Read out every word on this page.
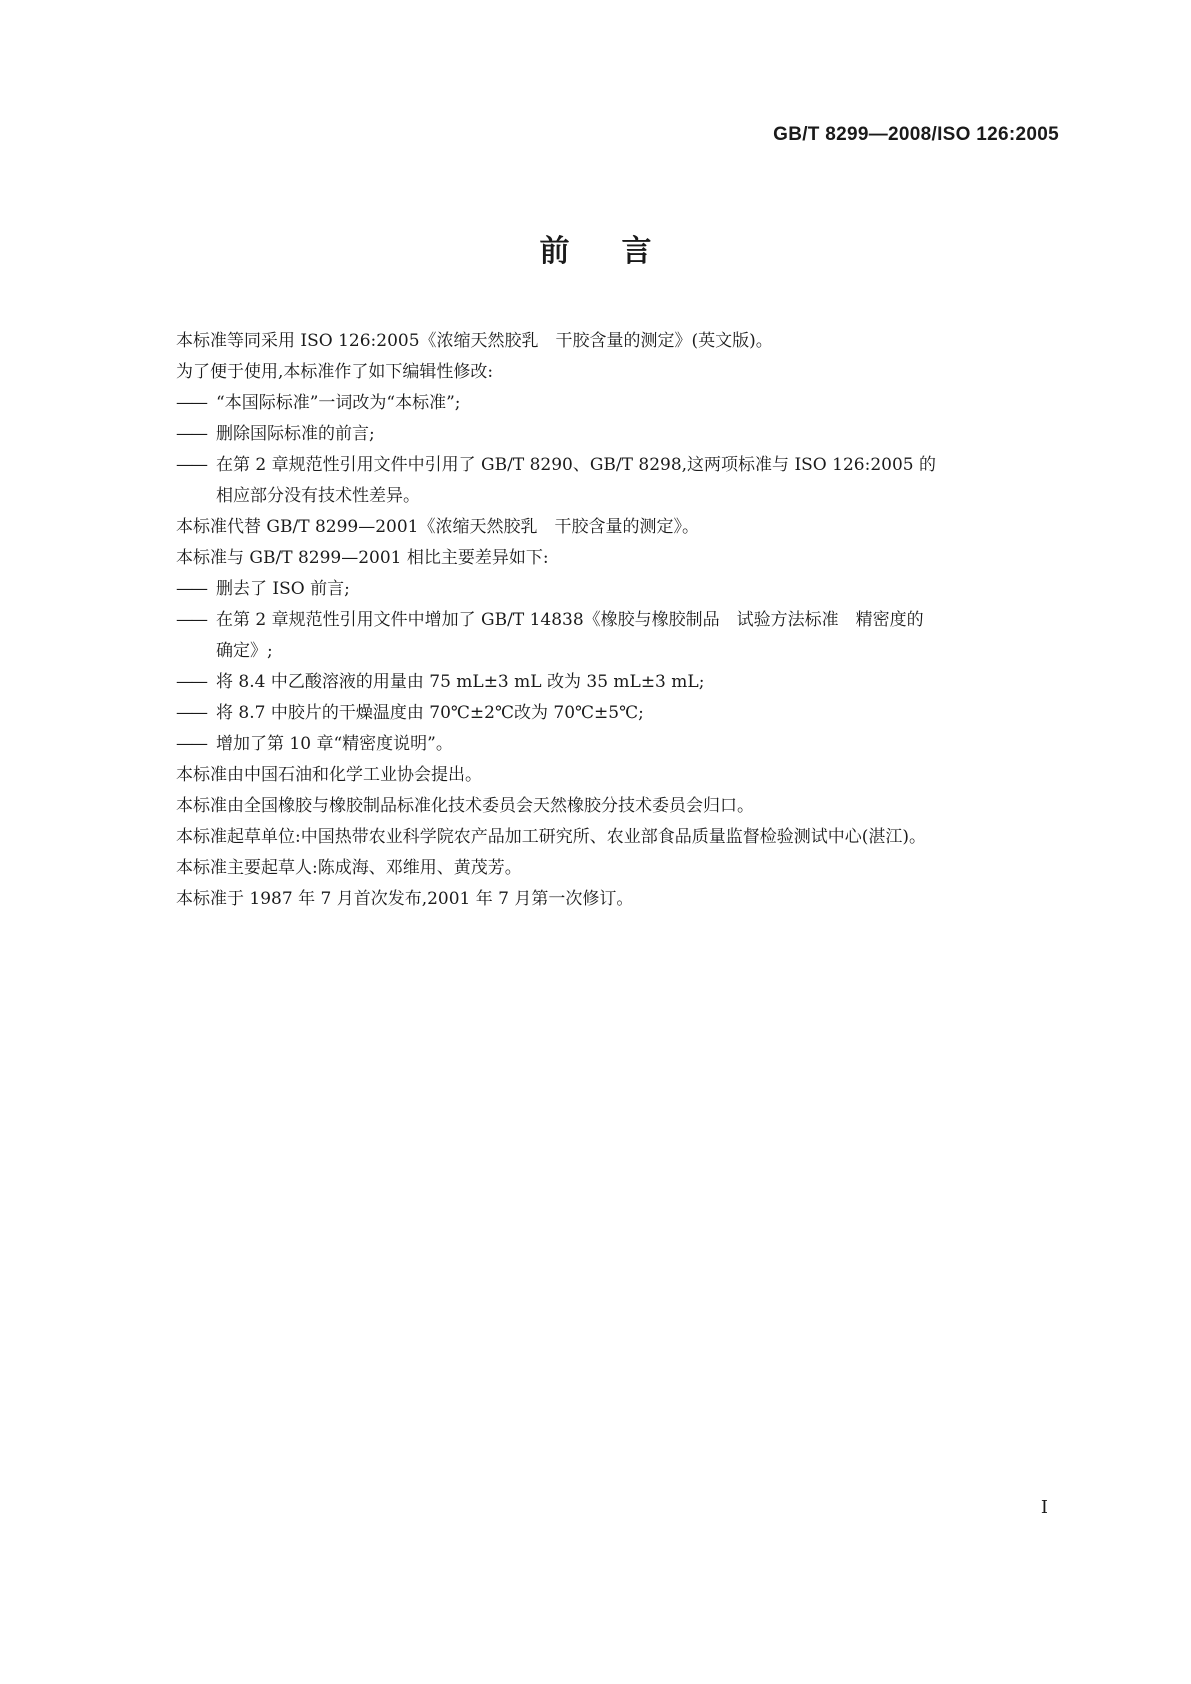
GB/T 8299—2008/ISO 126:2005
前言

本标准等同采用 ISO 126:2005《浓缩天然胶乳　干胶含量的测定》(英文版)。

为了便于使用,本标准作了如下编辑性修改:

—— “本国际标准”一词改为“本标准”;

—— 删除国际标准的前言;

—— 在第 2 章规范性引用文件中引用了 GB/T 8290、GB/T 8298,这两项标准与 ISO 126:2005 的

相应部分没有技术性差异。

本标准代替 GB/T 8299—2001《浓缩天然胶乳　干胶含量的测定》。

本标准与 GB/T 8299—2001 相比主要差异如下:

—— 删去了 ISO 前言;

—— 在第 2 章规范性引用文件中增加了 GB/T 14838《橡胶与橡胶制品　试验方法标准　精密度的

确定》;

—— 将 8.4 中乙酸溶液的用量由 75 mL±3 mL 改为 35 mL±3 mL;

—— 将 8.7 中胶片的干燥温度由 70℃±2℃改为 70℃±5℃;

—— 增加了第 10 章“精密度说明”。

本标准由中国石油和化学工业协会提出。

本标准由全国橡胶与橡胶制品标准化技术委员会天然橡胶分技术委员会归口。

本标准起草单位:中国热带农业科学院农产品加工研究所、农业部食品质量监督检验测试中心(湛江)。

本标准主要起草人:陈成海、邓维用、黄茂芳。

本标准于 1987 年 7 月首次发布,2001 年 7 月第一次修订。

I
